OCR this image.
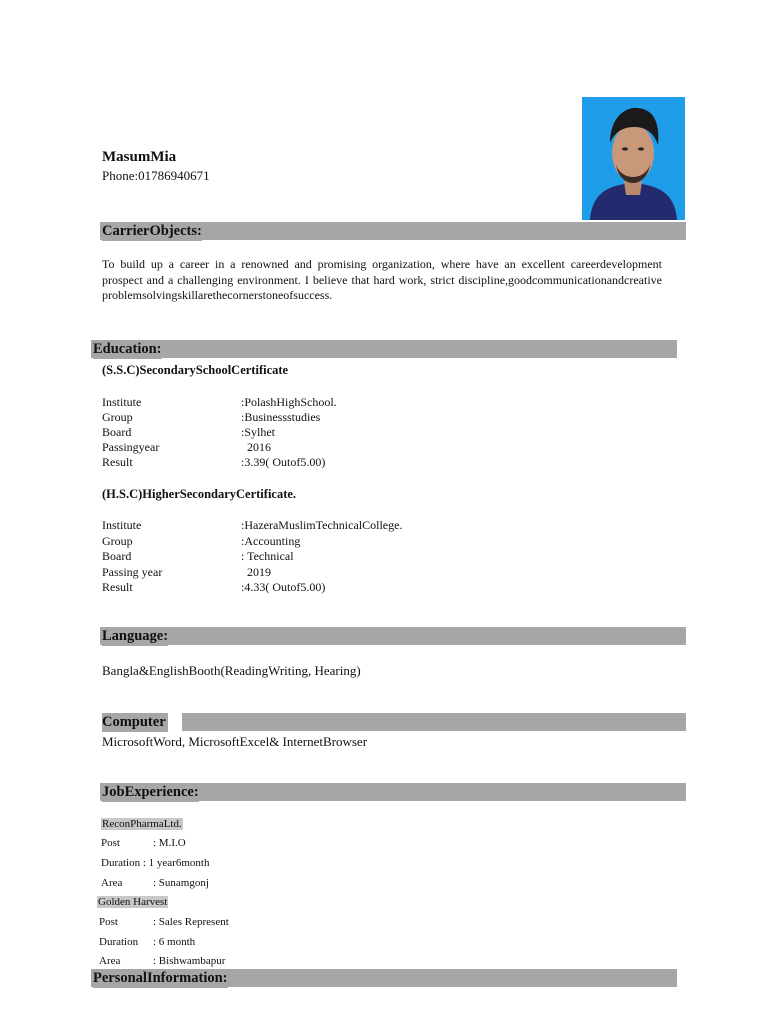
MasumMia
Phone:01786940671
CarrierObjects:
To build up a career in a renowned and promising organization, where have an excellent careerdevelopment prospect and a challenging environment. I believe that hard work, strict discipline,goodcommunicationandcreative problemsolvingskillarethecornerstoneofsuccess.
Education:
(S.S.C)SecondarySchoolCertificate
Institute	:PolashHighSchool.
Group	:Businessstudies
Board	:Sylhet
Passingyear	2016
Result	:3.39( Outof5.00)
(H.S.C)HigherSecondaryCertificate.
Institute	:HazeraMuslimTechnicalCollege.
Group	:Accounting
Board	: Technical
Passing year	2019
Result	:4.33( Outof5.00)
Language:
Bangla&EnglishBooth(ReadingWriting, Hearing)
Computer
MicrosoftWord, MicrosoftExcel& InternetBrowser
JobExperience:
ReconPharmaLtd.
Post	: M.I.O
Duration : 1 year6month
Area	: Sunamgonj
Golden Harvest
Post	: Sales Represent
Duration : 6 month
Area	: Bishwambapur
PersonalInformation:
